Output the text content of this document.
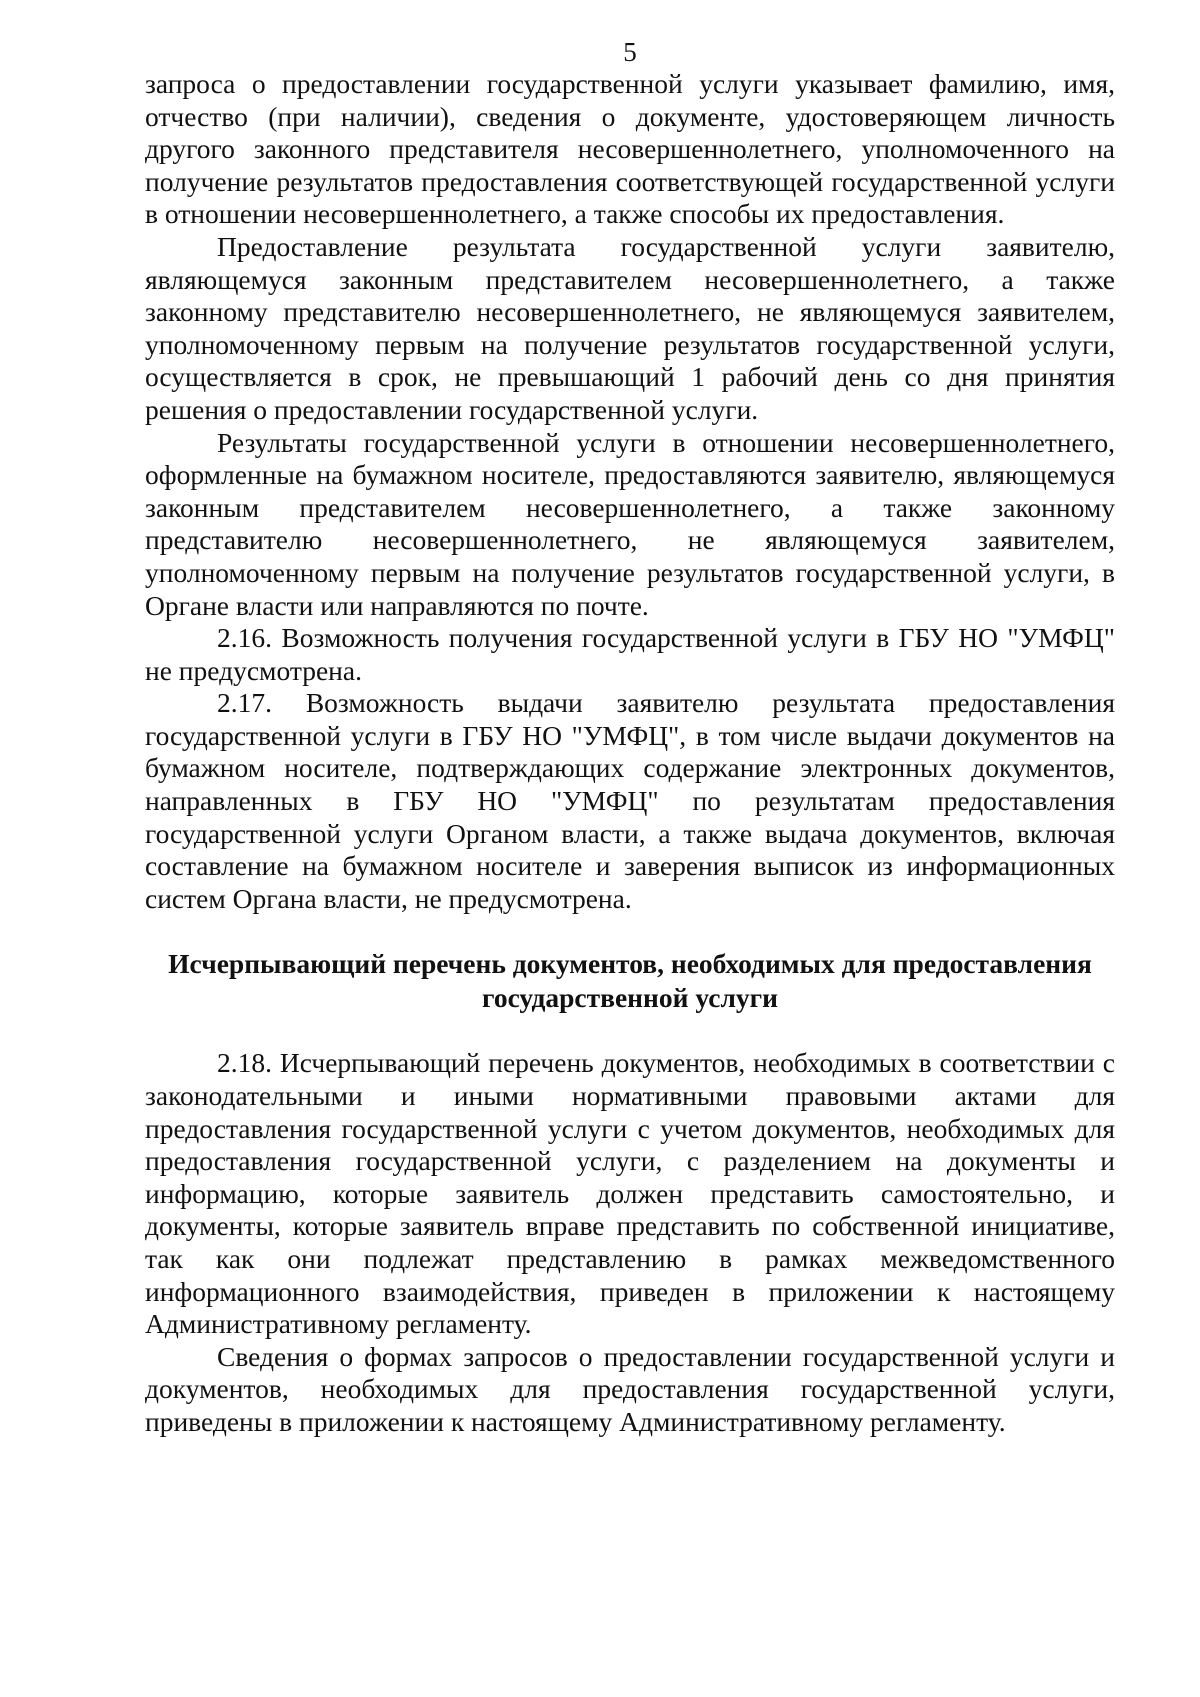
5

запроса о предоставлении государственной услуги указывает фамилию, имя, отчество (при наличии), сведения о документе, удостоверяющем личность другого законного представителя несовершеннолетнего, уполномоченного на получение результатов предоставления соответствующей государственной услуги в отношении несовершеннолетнего, а также способы их предоставления.

Предоставление результата государственной услуги заявителю, являющемуся законным представителем несовершеннолетнего, а также законному представителю несовершеннолетнего, не являющемуся заявителем, уполномоченному первым на получение результатов государственной услуги, осуществляется в срок, не превышающий 1 рабочий день со дня принятия решения о предоставлении государственной услуги.

Результаты государственной услуги в отношении несовершеннолетнего, оформленные на бумажном носителе, предоставляются заявителю, являющемуся законным представителем несовершеннолетнего, а также законному представителю несовершеннолетнего, не являющемуся заявителем, уполномоченному первым на получение результатов государственной услуги, в Органе власти или направляются по почте.

2.16. Возможность получения государственной услуги в ГБУ НО "УМФЦ" не предусмотрена.

2.17. Возможность выдачи заявителю результата предоставления государственной услуги в ГБУ НО "УМФЦ", в том числе выдачи документов на бумажном носителе, подтверждающих содержание электронных документов, направленных в ГБУ НО "УМФЦ" по результатам предоставления государственной услуги Органом власти, а также выдача документов, включая составление на бумажном носителе и заверения выписок из информационных систем Органа власти, не предусмотрена.

Исчерпывающий перечень документов, необходимых для предоставления
государственной услуги

2.18. Исчерпывающий перечень документов, необходимых в соответствии с законодательными и иными нормативными правовыми актами для предоставления государственной услуги с учетом документов, необходимых для предоставления государственной услуги, с разделением на документы и информацию, которые заявитель должен представить самостоятельно, и документы, которые заявитель вправе представить по собственной инициативе, так как они подлежат представлению в рамках межведомственного информационного взаимодействия, приведен в приложении к настоящему Административному регламенту.

Сведения о формах запросов о предоставлении государственной услуги и документов, необходимых для предоставления государственной услуги, приведены в приложении к настоящему Административному регламенту.
